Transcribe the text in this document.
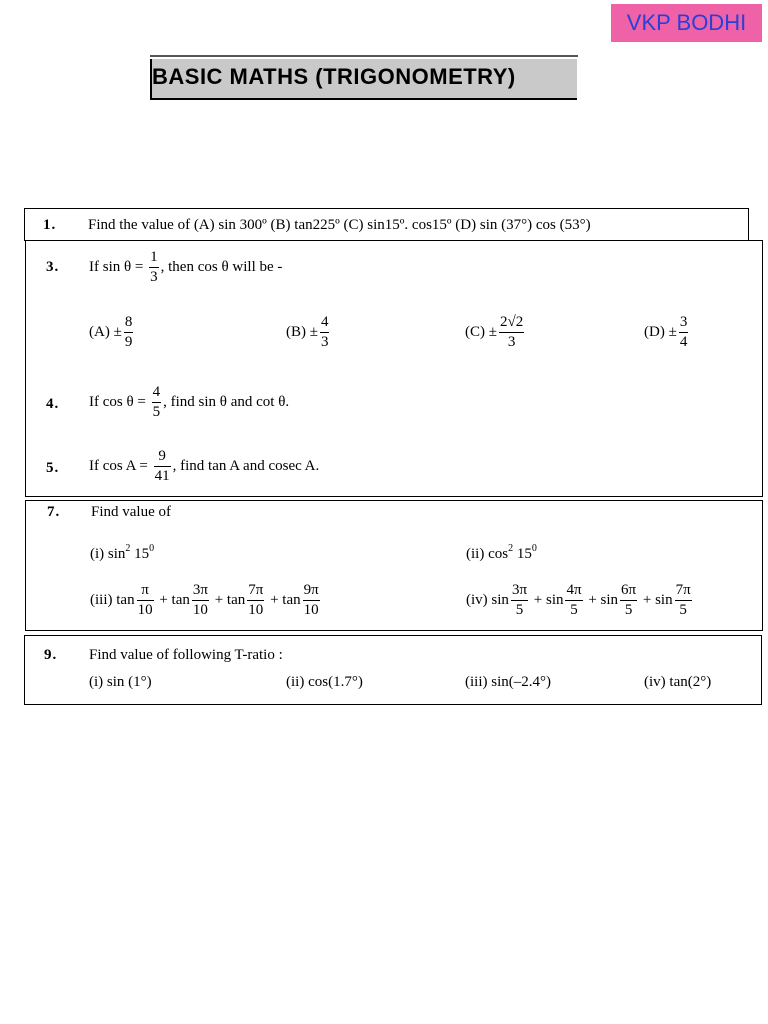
VKP BODHI
BASIC MATHS (TRIGONOMETRY)
1. Find the value of (A) sin 300º (B) tan225º (C) sin15º. cos15º (D) sin (37°) cos (53°)
3. If $\sin \theta = \frac{1}{3}$ , then cos θ will be -
$(A) \pm \frac{8}{9}$	$(B) \pm \frac{4}{3}$	$(C) \pm \frac{2√2}{3}$	$(D) \pm \frac{3}{4}$
4. If $\cos \theta = \frac{4}{5}$ , find sin θ and cot θ.
5. If $\cos A = \frac{9}{41}$ , find tan A and cosec A.
7. Find value of
(i) $\sin^2 15^0$	(ii) $\cos^2 15^0$
(iii) $\tan \frac{\pi}{10} + \tan \frac{3\pi}{10} + \tan \frac{7\pi}{10} + \tan \frac{9\pi}{10}$	(iv) $\sin \frac{3\pi}{5} + \sin \frac{4\pi}{5} + \sin \frac{6\pi}{5} + \sin \frac{7\pi}{5}$
9. Find value of following T-ratio :
(i) sin (1°)	(ii) cos(1.7°)	(iii) sin(–2.4°)	(iv) tan(2°)
